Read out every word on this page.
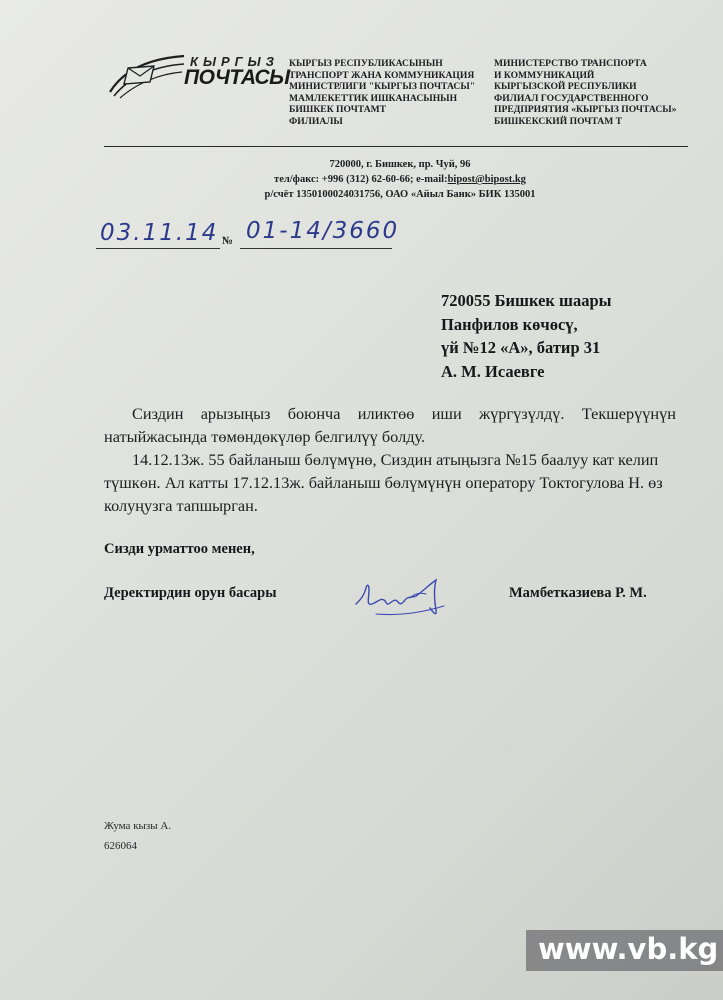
КЫРГЫЗ
ПОЧТАСЫ

КЫРГЫЗ РЕСПУБЛИКАСЫНЫН

ТРАНСПОРТ ЖАНА КОММУНИКАЦИЯ

МИНИСТРЛИГИ "КЫРГЫЗ ПОЧТАСЫ"

МАМЛЕКЕТТИК ИШКАНАСЫНЫН

БИШКЕК ПОЧТАМТ

ФИЛИАЛЫ

МИНИСТЕРСТВО ТРАНСПОРТА

И КОММУНИКАЦИЙ

КЫРГЫЗСКОЙ РЕСПУБЛИКИ

ФИЛИАЛ ГОСУДАРСТВЕННОГО

ПРЕДПРИЯТИЯ «КЫРГЫЗ ПОЧТАСЫ»

БИШКЕКСКИЙ ПОЧТАМ Т

720000, г. Бишкек, пр. Чуй, 96

тел/факс: +996 (312) 62-60-66; e-mail:bipost@bipost.kg

р/счёт 1350100024031756, ОАО «Айыл Банк» БИК 135001

03.11.14 № 01-14/3660

720055 Бишкек шаары

Панфилов көчөсү,

үй №12 «А», батир 31

А. М. Исаевге

Сиздин арызыңыз боюнча иликтөө иши жүргүзүлдү. Текшерүүнүн натыйжасында төмөндөкүлөр белгилүү болду.

14.12.13ж. 55 байланыш бөлүмүнө, Сиздин атыңызга №15 баалуу кат келип түшкөн. Ал катты 17.12.13ж. байланыш бөлүмүнүн оператору Токтогулова Н. өз колуңузга тапшырган.

Сизди урматтоо менен,
Деректирдин орун басары	Мамбетказиева Р. М.

Жума кызы А.

626064

www.vb.kg
